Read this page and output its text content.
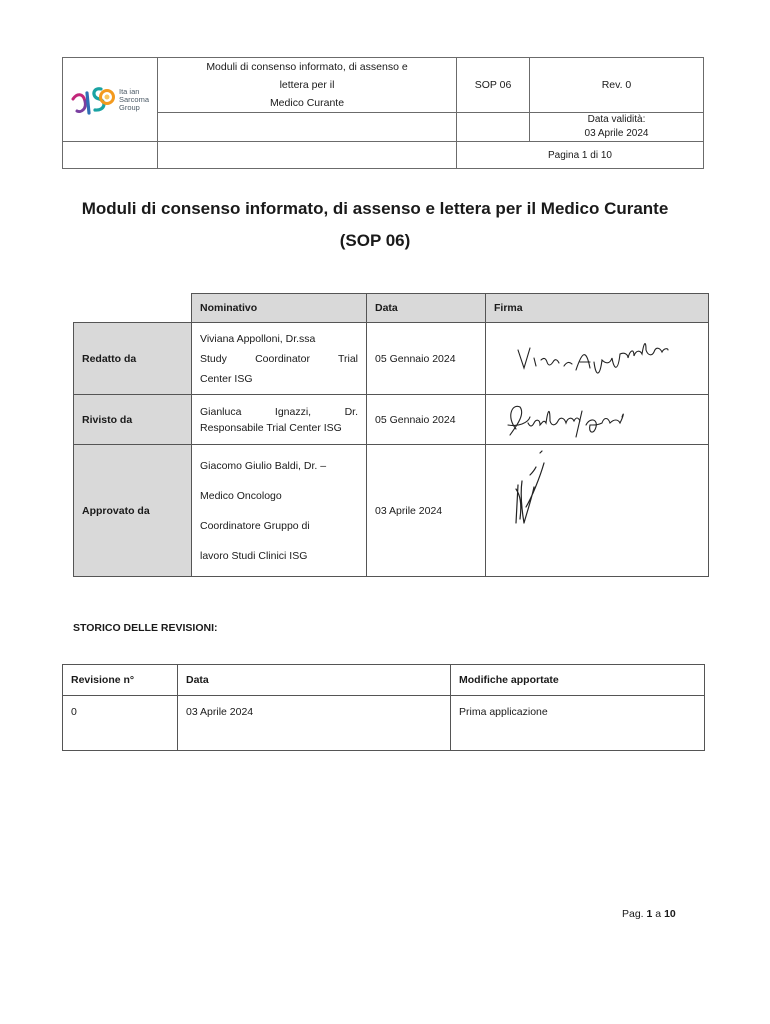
Ita ian
Sarcoma
Group	Moduli di consenso informato, di assenso e
lettera per il
Medico Curante	SOP 06	Rev. 0

			Data validità:
03 Aprile 2024

		Pagina 1 di 10	
Moduli di consenso informato, di assenso e lettera per il Medico Curante
(SOP 06)
	Nominativo	Data	Firma
Redatto da	Viviana Appolloni, Dr.ssa
Study Coordinator Trial
Center ISG	05 Gennaio 2024	
Rivisto da	Gianluca Ignazzi, Dr.
Responsabile Trial Center ISG	05 Gennaio 2024	
Approvato da	Giacomo Giulio Baldi, Dr. –
Medico Oncologo
Coordinatore Gruppo di
lavoro Studi Clinici ISG	03 Aprile 2024	
STORICO DELLE REVISIONI:
Revisione n°	Data	Modifiche apportate
0	03 Aprile 2024	Prima applicazione
Pag. 1 a 10
